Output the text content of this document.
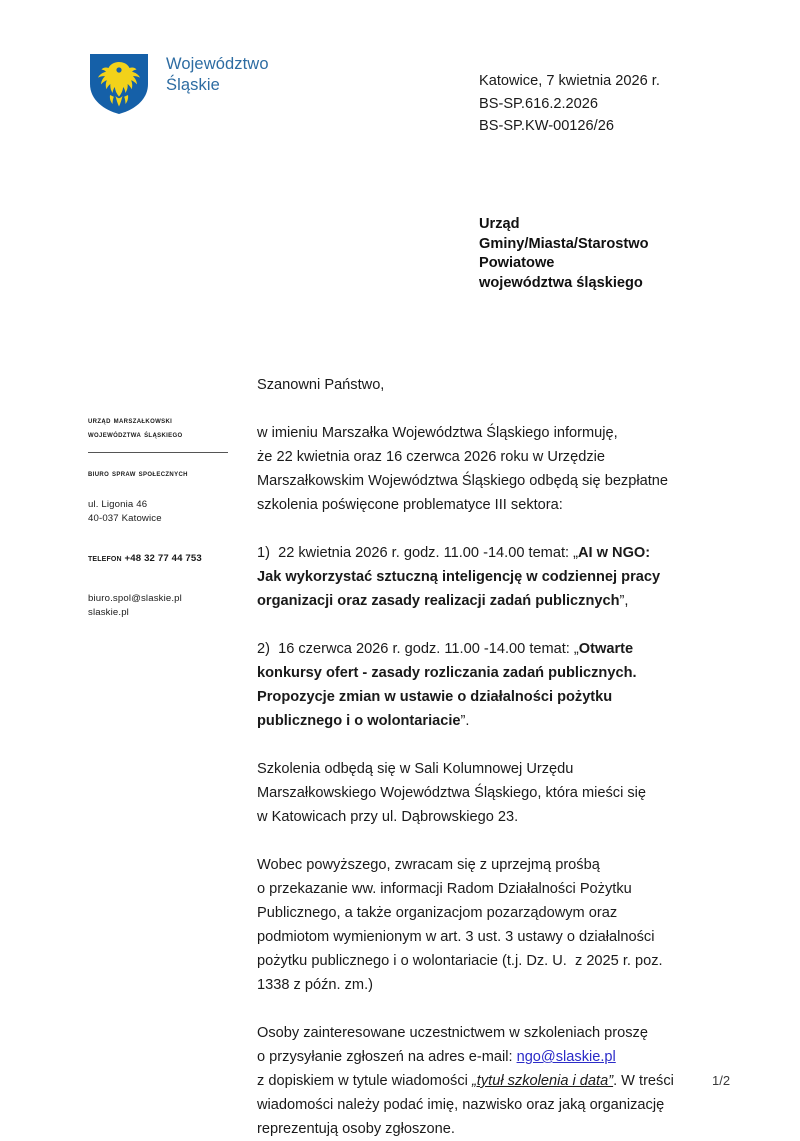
Województwo
Śląskie	Katowice, 7 kwietnia 2026 r.
BS-SP.616.2.2026
BS-SP.KW-00126/26
Urząd
Gminy/Miasta/Starostwo
Powiatowe
województwa śląskiego
urząd marszałkowski
województwa śląskiego
biuro spraw społecznych
ul. Ligonia 46
40-037 Katowice
telefon +48 32 77 44 753
biuro.spol@slaskie.pl
slaskie.pl

Szanowni Państwo,

w imieniu Marszałka Województwa Śląskiego informuję,
że 22 kwietnia oraz 16 czerwca 2026 roku w Urzędzie
Marszałkowskim Województwa Śląskiego odbędą się bezpłatne
szkolenia poświęcone problematyce III sektora:

1)  22 kwietnia 2026 r. godz. 11.00 -14.00 temat: „AI w NGO:
Jak wykorzystać sztuczną inteligencję w codziennej pracy
organizacji oraz zasady realizacji zadań publicznych”,

2)  16 czerwca 2026 r. godz. 11.00 -14.00 temat: „Otwarte
konkursy ofert - zasady rozliczania zadań publicznych.
Propozycje zmian w ustawie o działalności pożytku
publicznego i o wolontariacie”.

Szkolenia odbędą się w Sali Kolumnowej Urzędu
Marszałkowskiego Województwa Śląskiego, która mieści się
w Katowicach przy ul. Dąbrowskiego 23.

Wobec powyższego, zwracam się z uprzejmą prośbą
o przekazanie ww. informacji Radom Działalności Pożytku
Publicznego, a także organizacjom pozarządowym oraz
podmiotom wymienionym w art. 3 ust. 3 ustawy o działalności
pożytku publicznego i o wolontariacie (t.j. Dz. U.  z 2025 r. poz.
1338 z późn. zm.)

Osoby zainteresowane uczestnictwem w szkoleniach proszę
o przysyłanie zgłoszeń na adres e-mail: ngo@slaskie.pl
z dopiskiem w tytule wiadomości „tytuł szkolenia i data”. W treści
wiadomości należy podać imię, nazwisko oraz jaką organizację
reprezentują osoby zgłoszone.

1/2
